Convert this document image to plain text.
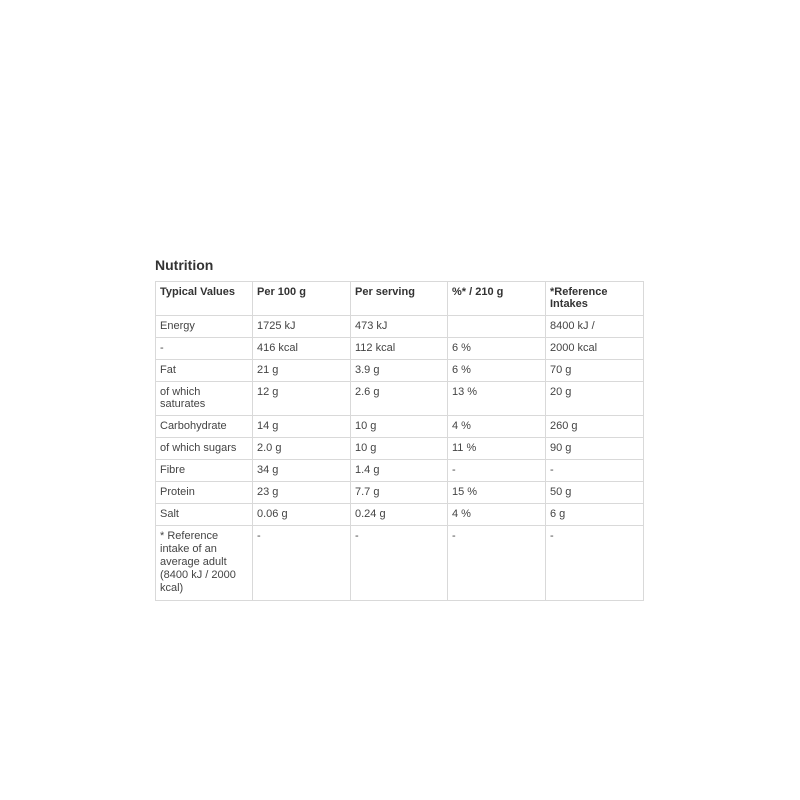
Nutrition
Typical Values	Per 100 g	Per serving	%* / 210 g	*Reference Intakes
Energy	1725 kJ	473 kJ		8400 kJ /
-	416 kcal	112 kcal	6 %	2000 kcal
Fat	21 g	3.9 g	6 %	70 g
of which saturates	12 g	2.6 g	13 %	20 g
Carbohydrate	14 g	10 g	4 %	260 g
of which sugars	2.0 g	10 g	11 %	90 g
Fibre	34 g	1.4 g	-	-
Protein	23 g	7.7 g	15 %	50 g
Salt	0.06 g	0.24 g	4 %	6 g
* Reference intake of an average adult (8400 kJ / 2000 kcal)	-	-	-	-
